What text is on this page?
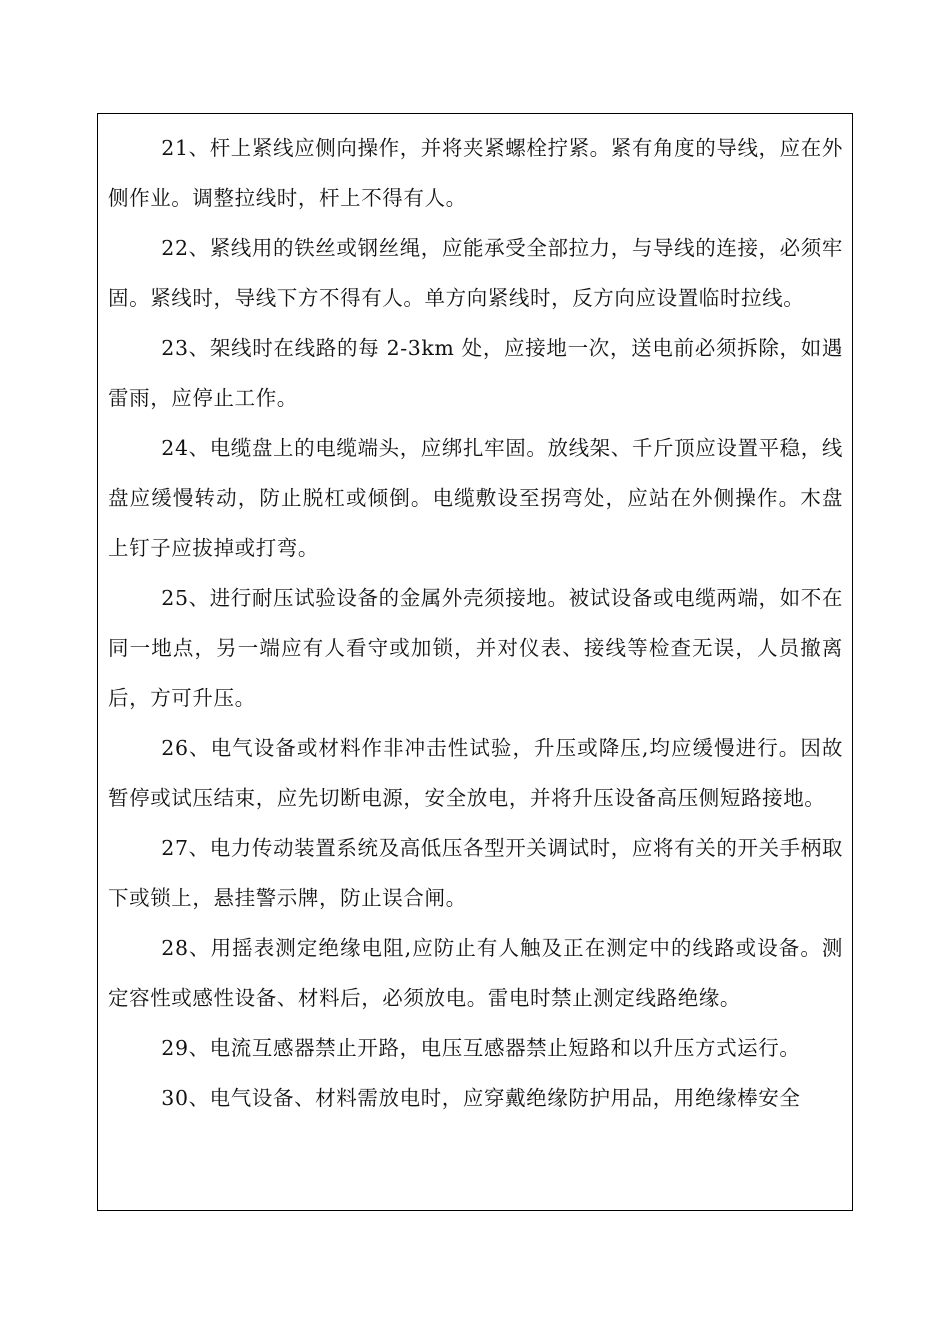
21、杆上紧线应侧向操作，并将夹紧螺栓拧紧。紧有角度的导线，应在外侧作业。调整拉线时，杆上不得有人。

22、紧线用的铁丝或钢丝绳，应能承受全部拉力，与导线的连接，必须牢固。紧线时，导线下方不得有人。单方向紧线时，反方向应设置临时拉线。

23、架线时在线路的每 2-3km 处，应接地一次，送电前必须拆除，如遇雷雨，应停止工作。

24、电缆盘上的电缆端头，应绑扎牢固。放线架、千斤顶应设置平稳，线盘应缓慢转动，防止脱杠或倾倒。电缆敷设至拐弯处，应站在外侧操作。木盘上钉子应拔掉或打弯。

25、进行耐压试验设备的金属外壳须接地。被试设备或电缆两端，如不在同一地点，另一端应有人看守或加锁，并对仪表、接线等检查无误，人员撤离后，方可升压。

26、电气设备或材料作非冲击性试验，升压或降压,均应缓慢进行。因故暂停或试压结束，应先切断电源，安全放电，并将升压设备高压侧短路接地。

27、电力传动装置系统及高低压各型开关调试时，应将有关的开关手柄取下或锁上，悬挂警示牌，防止误合闸。

28、用摇表测定绝缘电阻,应防止有人触及正在测定中的线路或设备。测定容性或感性设备、材料后，必须放电。雷电时禁止测定线路绝缘。

29、电流互感器禁止开路，电压互感器禁止短路和以升压方式运行。

30、电气设备、材料需放电时，应穿戴绝缘防护用品，用绝缘棒安全
